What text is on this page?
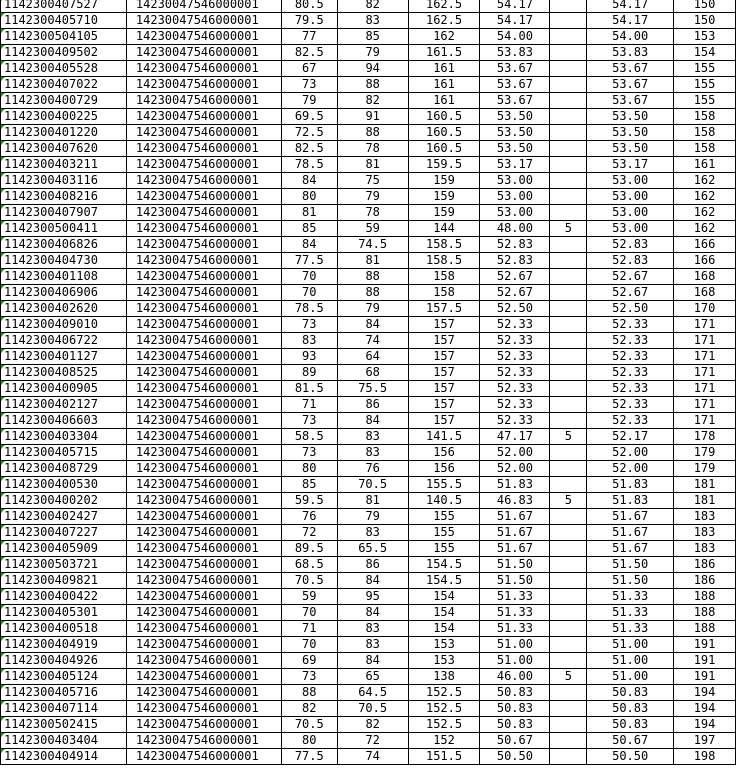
1142300407527	14230047546000001	80.5	82	162.5	54.17		54.17	150

1142300405710	14230047546000001	79.5	83	162.5	54.17		54.17	150

1142300504105	14230047546000001	77	85	162	54.00		54.00	153

1142300409502	14230047546000001	82.5	79	161.5	53.83		53.83	154

1142300405528	14230047546000001	67	94	161	53.67		53.67	155

1142300407022	14230047546000001	73	88	161	53.67		53.67	155

1142300400729	14230047546000001	79	82	161	53.67		53.67	155

1142300400225	14230047546000001	69.5	91	160.5	53.50		53.50	158

1142300401220	14230047546000001	72.5	88	160.5	53.50		53.50	158

1142300407620	14230047546000001	82.5	78	160.5	53.50		53.50	158

1142300403211	14230047546000001	78.5	81	159.5	53.17		53.17	161

1142300403116	14230047546000001	84	75	159	53.00		53.00	162

1142300408216	14230047546000001	80	79	159	53.00		53.00	162

1142300407907	14230047546000001	81	78	159	53.00		53.00	162

1142300500411	14230047546000001	85	59	144	48.00	5	53.00	162

1142300406826	14230047546000001	84	74.5	158.5	52.83		52.83	166

1142300404730	14230047546000001	77.5	81	158.5	52.83		52.83	166

1142300401108	14230047546000001	70	88	158	52.67		52.67	168

1142300406906	14230047546000001	70	88	158	52.67		52.67	168

1142300402620	14230047546000001	78.5	79	157.5	52.50		52.50	170

1142300409010	14230047546000001	73	84	157	52.33		52.33	171

1142300406722	14230047546000001	83	74	157	52.33		52.33	171

1142300401127	14230047546000001	93	64	157	52.33		52.33	171

1142300408525	14230047546000001	89	68	157	52.33		52.33	171

1142300400905	14230047546000001	81.5	75.5	157	52.33		52.33	171

1142300402127	14230047546000001	71	86	157	52.33		52.33	171

1142300406603	14230047546000001	73	84	157	52.33		52.33	171

1142300403304	14230047546000001	58.5	83	141.5	47.17	5	52.17	178

1142300405715	14230047546000001	73	83	156	52.00		52.00	179

1142300408729	14230047546000001	80	76	156	52.00		52.00	179

1142300400530	14230047546000001	85	70.5	155.5	51.83		51.83	181

1142300400202	14230047546000001	59.5	81	140.5	46.83	5	51.83	181

1142300402427	14230047546000001	76	79	155	51.67		51.67	183

1142300407227	14230047546000001	72	83	155	51.67		51.67	183

1142300405909	14230047546000001	89.5	65.5	155	51.67		51.67	183

1142300503721	14230047546000001	68.5	86	154.5	51.50		51.50	186

1142300409821	14230047546000001	70.5	84	154.5	51.50		51.50	186

1142300400422	14230047546000001	59	95	154	51.33		51.33	188

1142300405301	14230047546000001	70	84	154	51.33		51.33	188

1142300400518	14230047546000001	71	83	154	51.33		51.33	188

1142300404919	14230047546000001	70	83	153	51.00		51.00	191

1142300404926	14230047546000001	69	84	153	51.00		51.00	191

1142300405124	14230047546000001	73	65	138	46.00	5	51.00	191

1142300405716	14230047546000001	88	64.5	152.5	50.83		50.83	194

1142300407114	14230047546000001	82	70.5	152.5	50.83		50.83	194

1142300502415	14230047546000001	70.5	82	152.5	50.83		50.83	194

1142300403404	14230047546000001	80	72	152	50.67		50.67	197

1142300404914	14230047546000001	77.5	74	151.5	50.50		50.50	198
